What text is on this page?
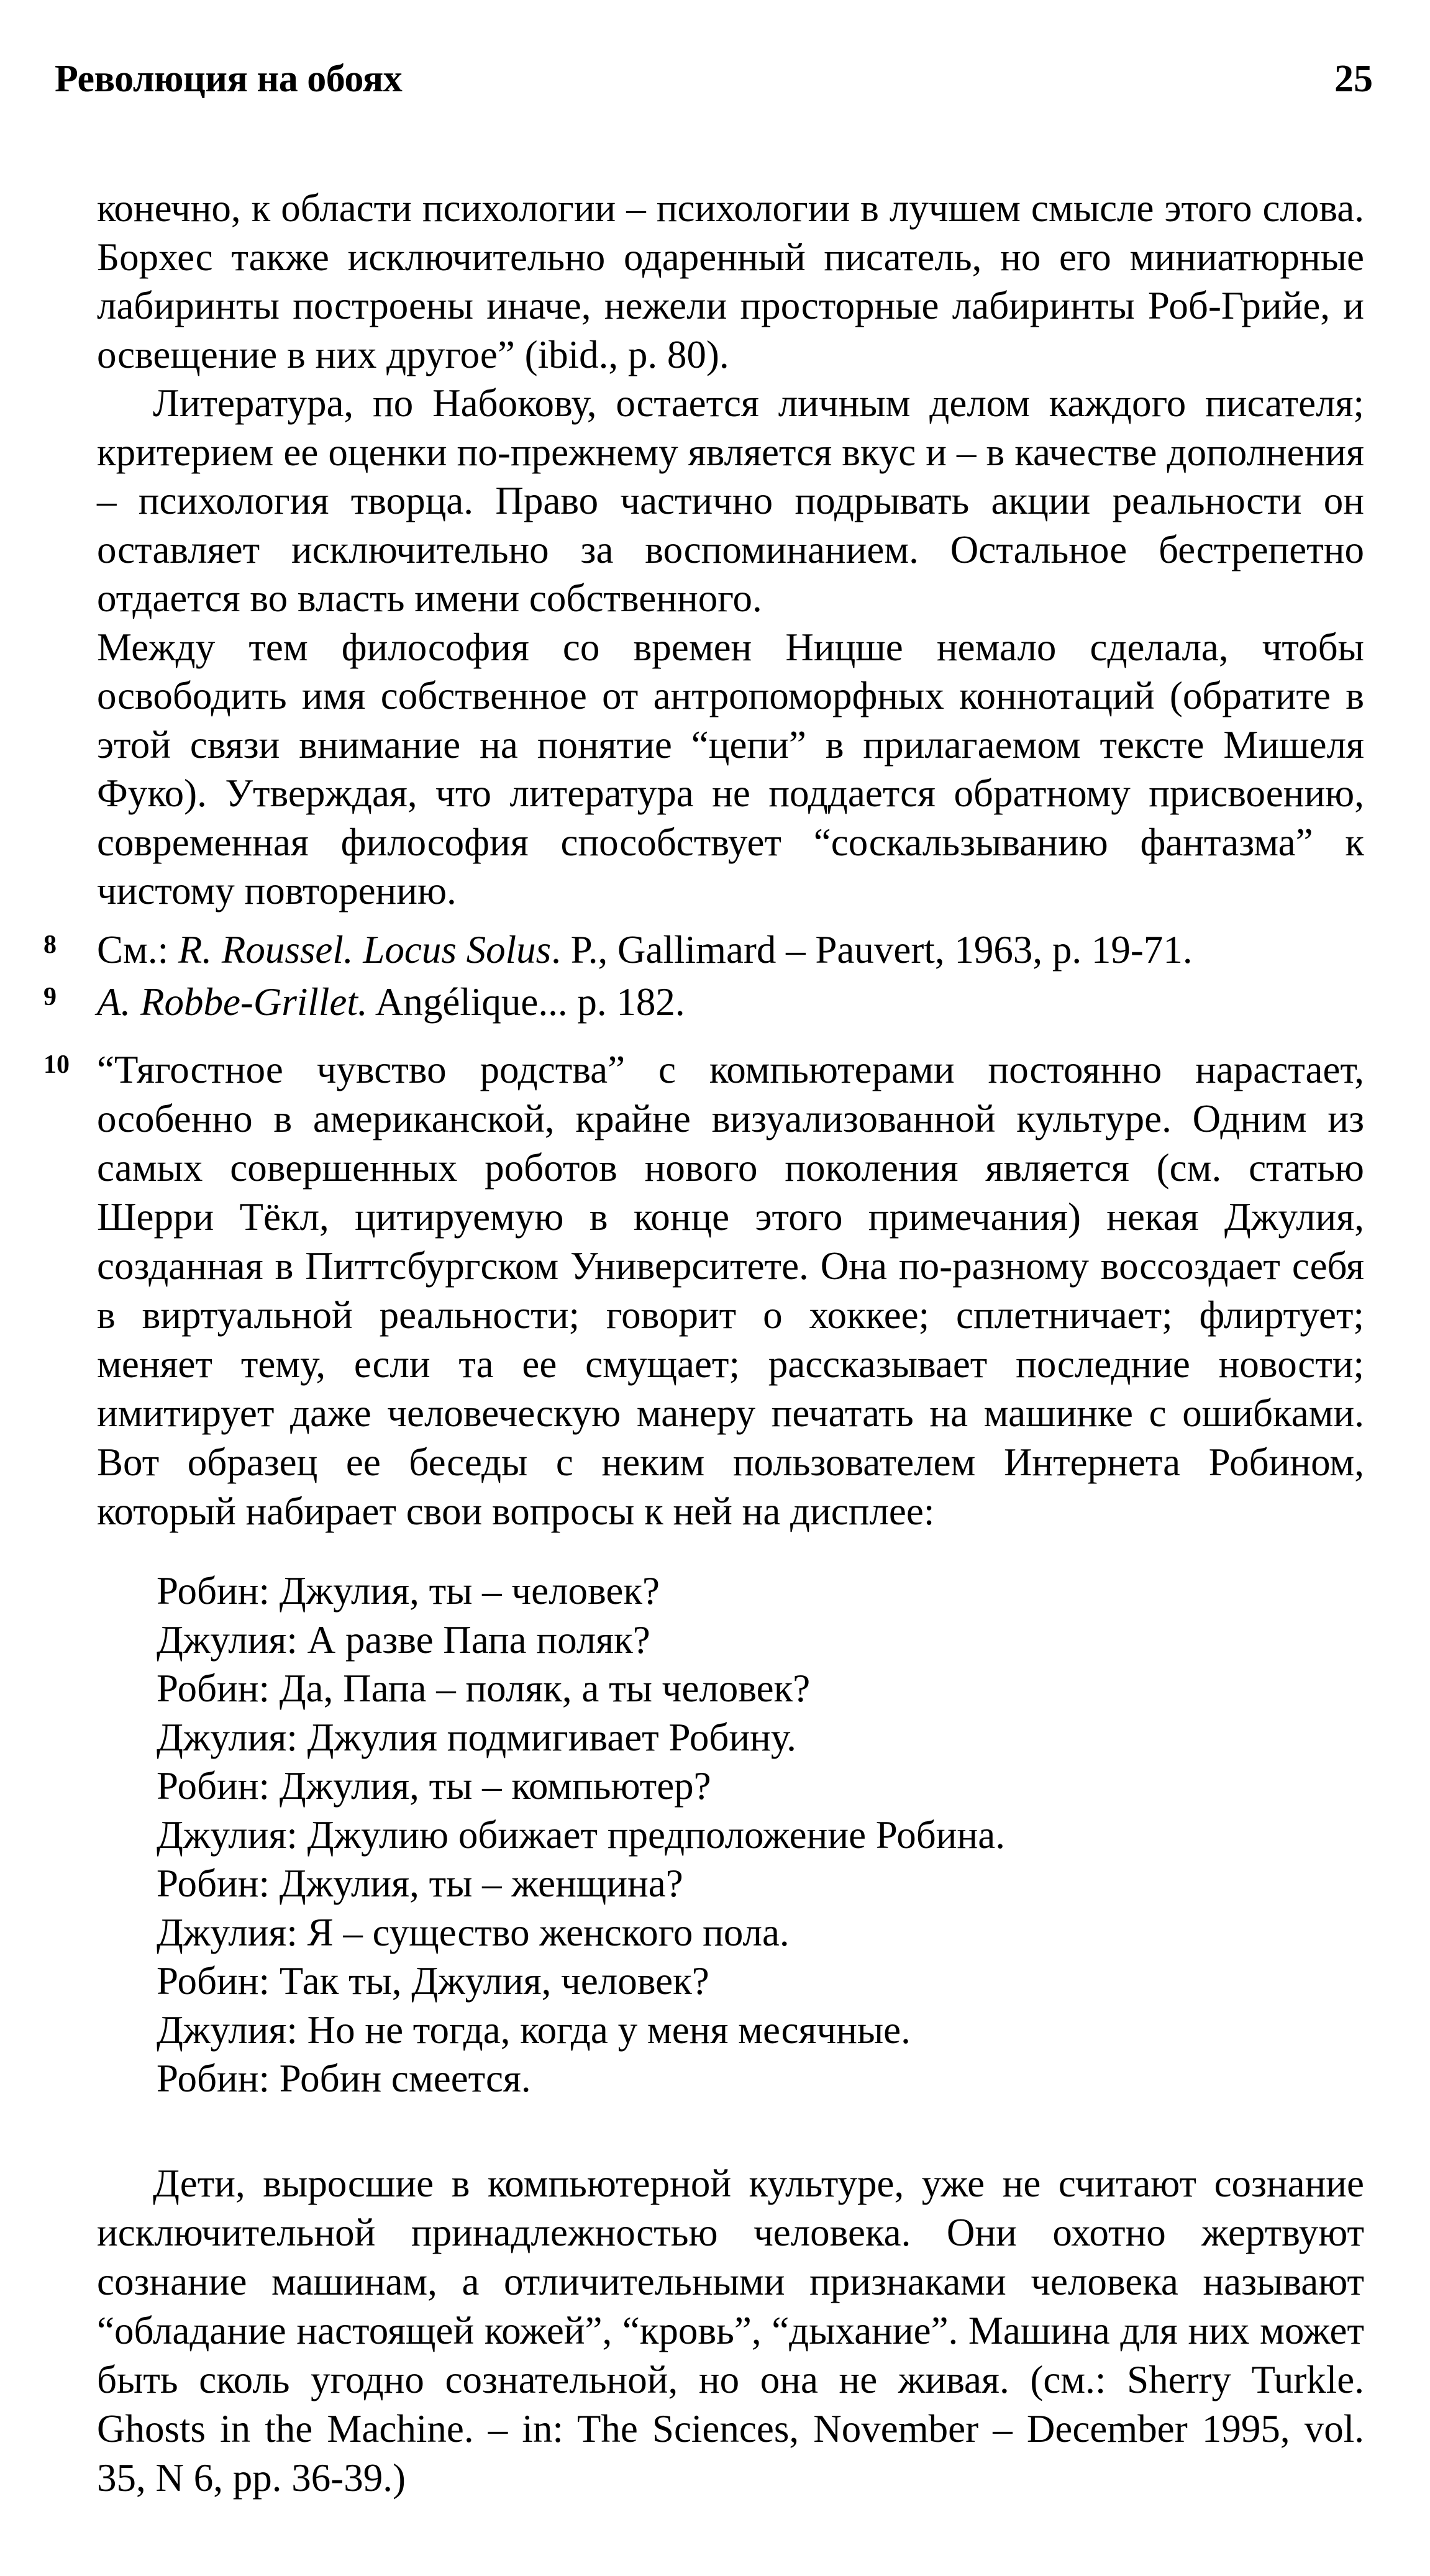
Революция на обоях	25

конечно, к области психологии – психологии в лучшем смысле этого слова. Борхес также исключительно одаренный писатель, но его миниатюрные лабиринты построены иначе, нежели просторные лабиринты Роб-Грийе, и освещение в них другое” (ibid., p. 80).

Литература, по Набокову, остается личным делом каждого писателя; критерием ее оценки по-прежнему является вкус и – в качестве дополнения – психология творца. Право частично подрывать акции реальности он оставляет исключительно за воспоминанием. Остальное бестрепетно отдается во власть имени собственного.

Между тем философия со времен Ницше немало сделала, чтобы освободить имя собственное от антропоморфных коннотаций (обратите в этой связи внимание на понятие “цепи” в прилагаемом тексте Мишеля Фуко). Утверждая, что литература не поддается обратному присвоению, современная философия способствует “соскальзыванию фантазма” к чистому повторению.

8	См.: R. Roussel. Locus Solus. P., Gallimard – Pauvert, 1963, p. 19-71.
9	A. Robbe-Grillet. Angélique... p. 182.
10 “Тягостное чувство родства” с компьютерами постоянно нарастает, особенно в американской, крайне визуализованной культуре. Одним из самых совершенных роботов нового поколения является (см. статью Шерри Тёкл, цитируемую в конце этого примечания) некая Джулия, созданная в Питтсбургском Университете. Она по-разному воссоздает себя в виртуальной реальности; говорит о хоккее; сплетничает; флиртует; меняет тему, если та ее смущает; рассказывает последние новости; имитирует даже человеческую манеру печатать на машинке с ошибками. Вот образец ее беседы с неким пользователем Интернета Робином, который набирает свои вопросы к ней на дисплее:
Робин: Джулия, ты – человек?
Джулия: А разве Папа поляк?
Робин: Да, Папа – поляк, а ты человек?
Джулия: Джулия подмигивает Робину.
Робин: Джулия, ты – компьютер?
Джулия: Джулию обижает предположение Робина.
Робин: Джулия, ты – женщина?
Джулия: Я – существо женского пола.
Робин: Так ты, Джулия, человек?
Джулия: Но не тогда, когда у меня месячные.
Робин: Робин смеется.

Дети, выросшие в компьютерной культуре, уже не считают сознание исключительной принадлежностью человека. Они охотно жертвуют сознание машинам, а отличительными признаками человека называют “обладание настоящей кожей”, “кровь”, “дыхание”. Машина для них может быть сколь угодно сознательной, но она не живая. (см.: Sherry Turkle. Ghosts in the Machine. – in: The Sciences, November – December 1995, vol. 35, N 6, pp. 36-39.)
